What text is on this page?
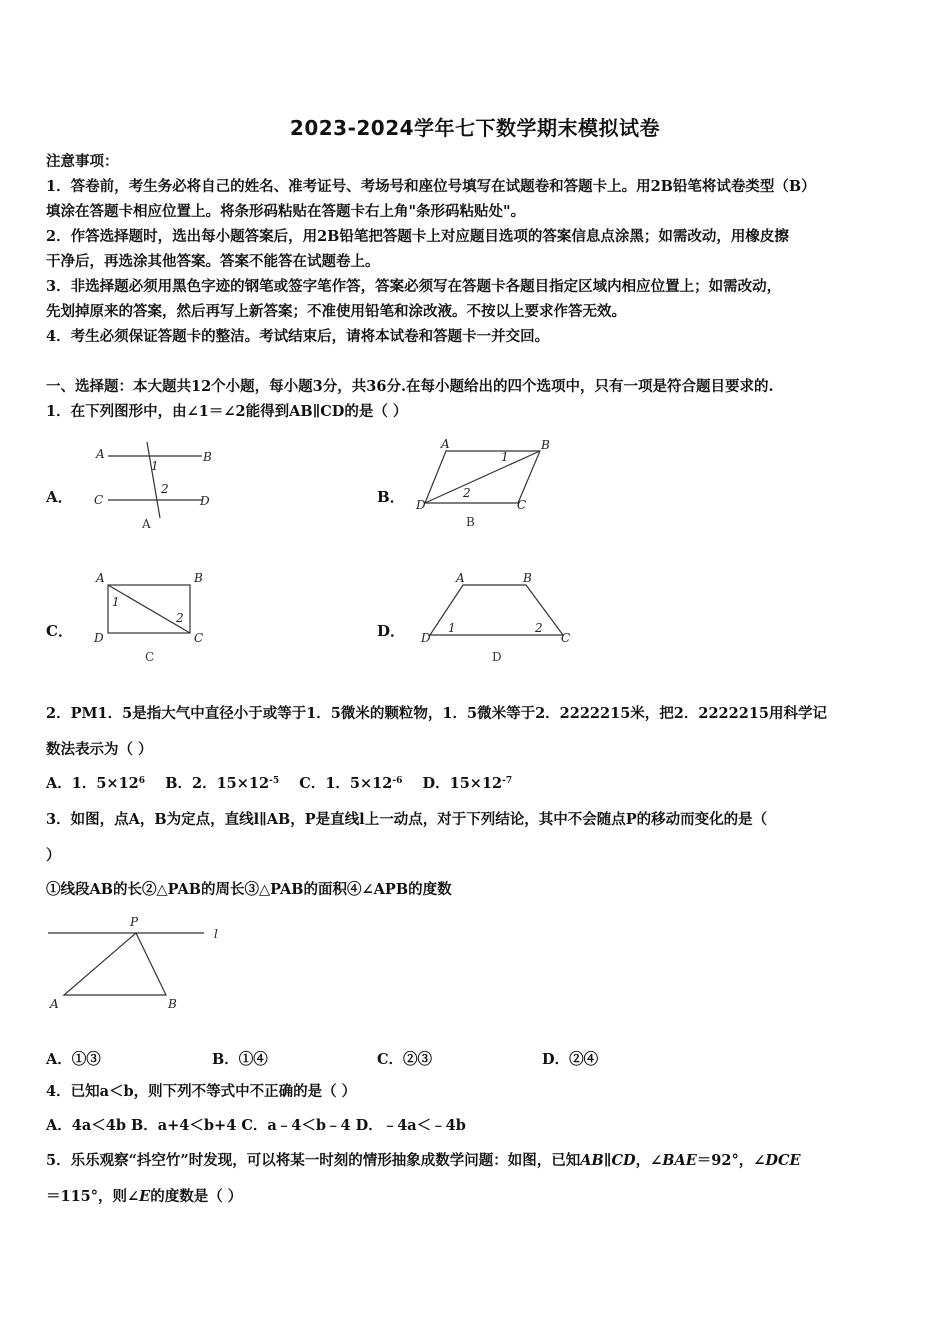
2023-2024学年七下数学期末模拟试卷
注意事项：
1．答卷前，考生务必将自己的姓名、准考证号、考场号和座位号填写在试题卷和答题卡上。用2B铅笔将试卷类型（B）
填涂在答题卡相应位置上。将条形码粘贴在答题卡右上角"条形码粘贴处"。
2．作答选择题时，选出每小题答案后，用2B铅笔把答题卡上对应题目选项的答案信息点涂黑；如需改动，用橡皮擦
干净后，再选涂其他答案。答案不能答在试题卷上。
3．非选择题必须用黑色字迹的钢笔或签字笔作答，答案必须写在答题卡各题目指定区域内相应位置上；如需改动，
先划掉原来的答案，然后再写上新答案；不准使用铅笔和涂改液。不按以上要求作答无效。
4．考生必须保证答题卡的整洁。考试结束后，请将本试卷和答题卡一并交回。
一、选择题：本大题共12个小题，每小题3分，共36分.在每小题给出的四个选项中，只有一项是符合题目要求的.
1．在下列图形中，由∠1＝∠2能得到AB∥CD的是（ ）
A．
A	B
C	D
1
2
A
B．
A	B
D	C
1
2
B
C．
A	B
D	C
1
2
C
D．
A	B
D	C
1	2
D
2．PM1．5是指大气中直径小于或等于1．5微米的颗粒物，1．5微米等于2．2222215米，把2．2222215用科学记
数法表示为（ ）
A．1．$5\times 12^6$ B．2．$15\times 12^{-5}$ C．1．$5\times 12^{-6}$ D．$15\times 12^{-7}$
3．如图，点A，B为定点，直线l∥AB，P是直线l上一动点，对于下列结论，其中不会随点P的移动而变化的是（
）
①线段AB的长②△PAB的周长③△PAB的面积④∠APB的度数
P
l
A	B
A．①③	B．①④	C．②③	D．②④
4．已知a＜b，则下列不等式中不正确的是（ ）
A．4a＜4b B．a+4＜b+4 C．a﹣4＜b﹣4 D．﹣4a＜﹣4b
5．乐乐观察“抖空竹”时发现，可以将某一时刻的情形抽象成数学问题：如图，已知AB∥CD，∠BAE＝92°，∠DCE
＝115°，则∠E的度数是（ ）
